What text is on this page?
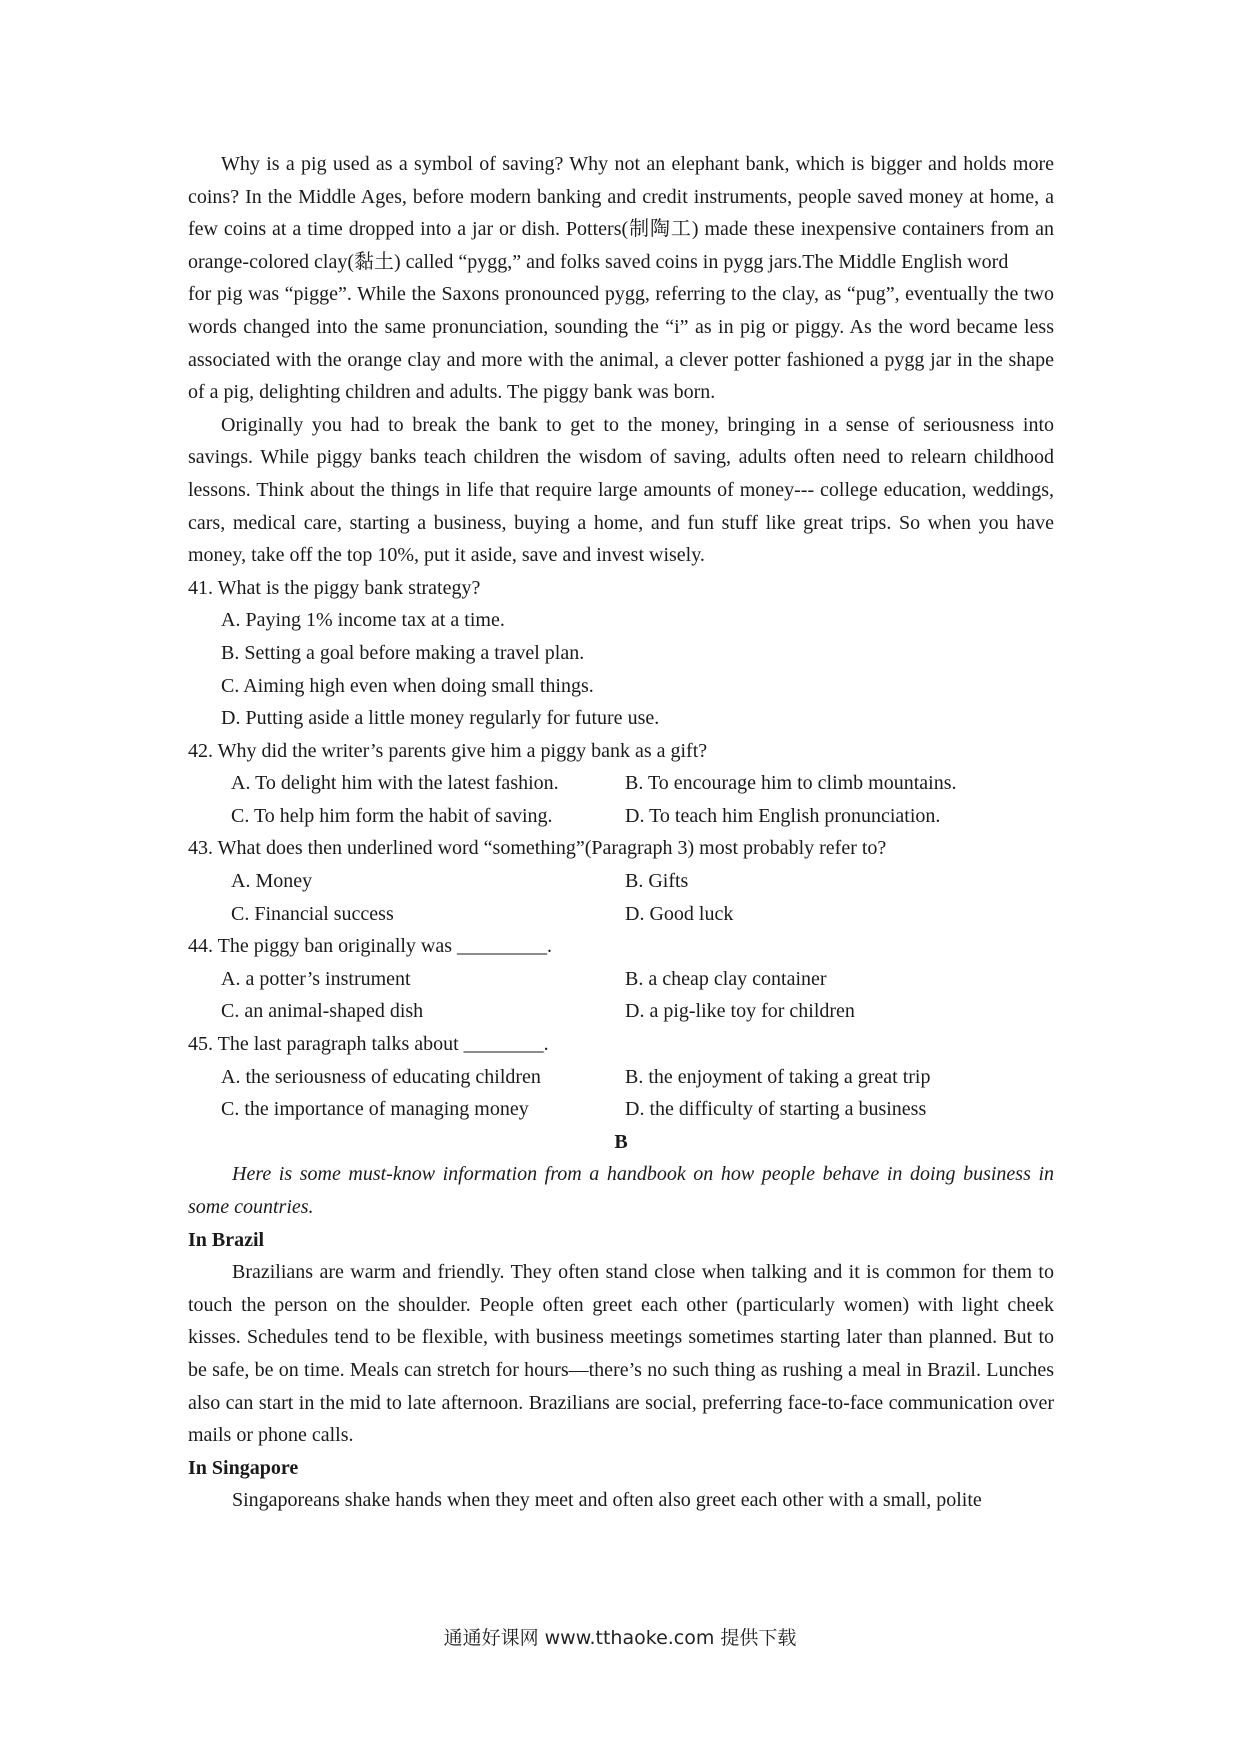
Why is a pig used as a symbol of saving? Why not an elephant bank, which is bigger and holds more coins? In the Middle Ages, before modern banking and credit instruments, people saved money at home, a few coins at a time dropped into a jar or dish. Potters(制陶工) made these inexpensive containers from an orange-colored clay(黏土) called “pygg,” and folks saved coins in pygg jars.The Middle English word

for pig was “pigge”. While the Saxons pronounced pygg, referring to the clay, as “pug”, eventually the two words changed into the same pronunciation, sounding the “i” as in pig or piggy. As the word became less associated with the orange clay and more with the animal, a clever potter fashioned a pygg jar in the shape of a pig, delighting children and adults. The piggy bank was born.

Originally you had to break the bank to get to the money, bringing in a sense of seriousness into savings. While piggy banks teach children the wisdom of saving, adults often need to relearn childhood lessons. Think about the things in life that require large amounts of money--- college education, weddings, cars, medical care, starting a business, buying a home, and fun stuff like great trips. So when you have money, take off the top 10%, put it aside, save and invest wisely.

41. What is the piggy bank strategy?

A. Paying 1% income tax at a time.

B. Setting a goal before making a travel plan.

C. Aiming high even when doing small things.

D. Putting aside a little money regularly for future use.

42. Why did the writer’s parents give him a piggy bank as a gift?

A. To delight him with the latest fashion.	B. To encourage him to climb mountains.
C. To help him form the habit of saving.	D. To teach him English pronunciation.

43. What does then underlined word “something”(Paragraph 3) most probably refer to?

A. Money	B. Gifts
C. Financial success	D. Good luck

44. The piggy ban originally was _________.

A. a potter’s instrument	B. a cheap clay container
C. an animal-shaped dish	D. a pig-like toy for children

45. The last paragraph talks about ________.

A. the seriousness of educating children	B. the enjoyment of taking a great trip
C. the importance of managing money	D. the difficulty of starting a business

B

Here is some must-know information from a handbook on how people behave in doing business in some countries.

In Brazil

Brazilians are warm and friendly. They often stand close when talking and it is common for them to touch the person on the shoulder. People often greet each other (particularly women) with light cheek kisses. Schedules tend to be flexible, with business meetings sometimes starting later than planned. But to be safe, be on time. Meals can stretch for hours—there’s no such thing as rushing a meal in Brazil. Lunches also can start in the mid to late afternoon. Brazilians are social, preferring face-to-face communication over mails or phone calls.

In Singapore

Singaporeans shake hands when they meet and often also greet each other with a small, polite

通通好课网 www.tthaoke.com 提供下载
